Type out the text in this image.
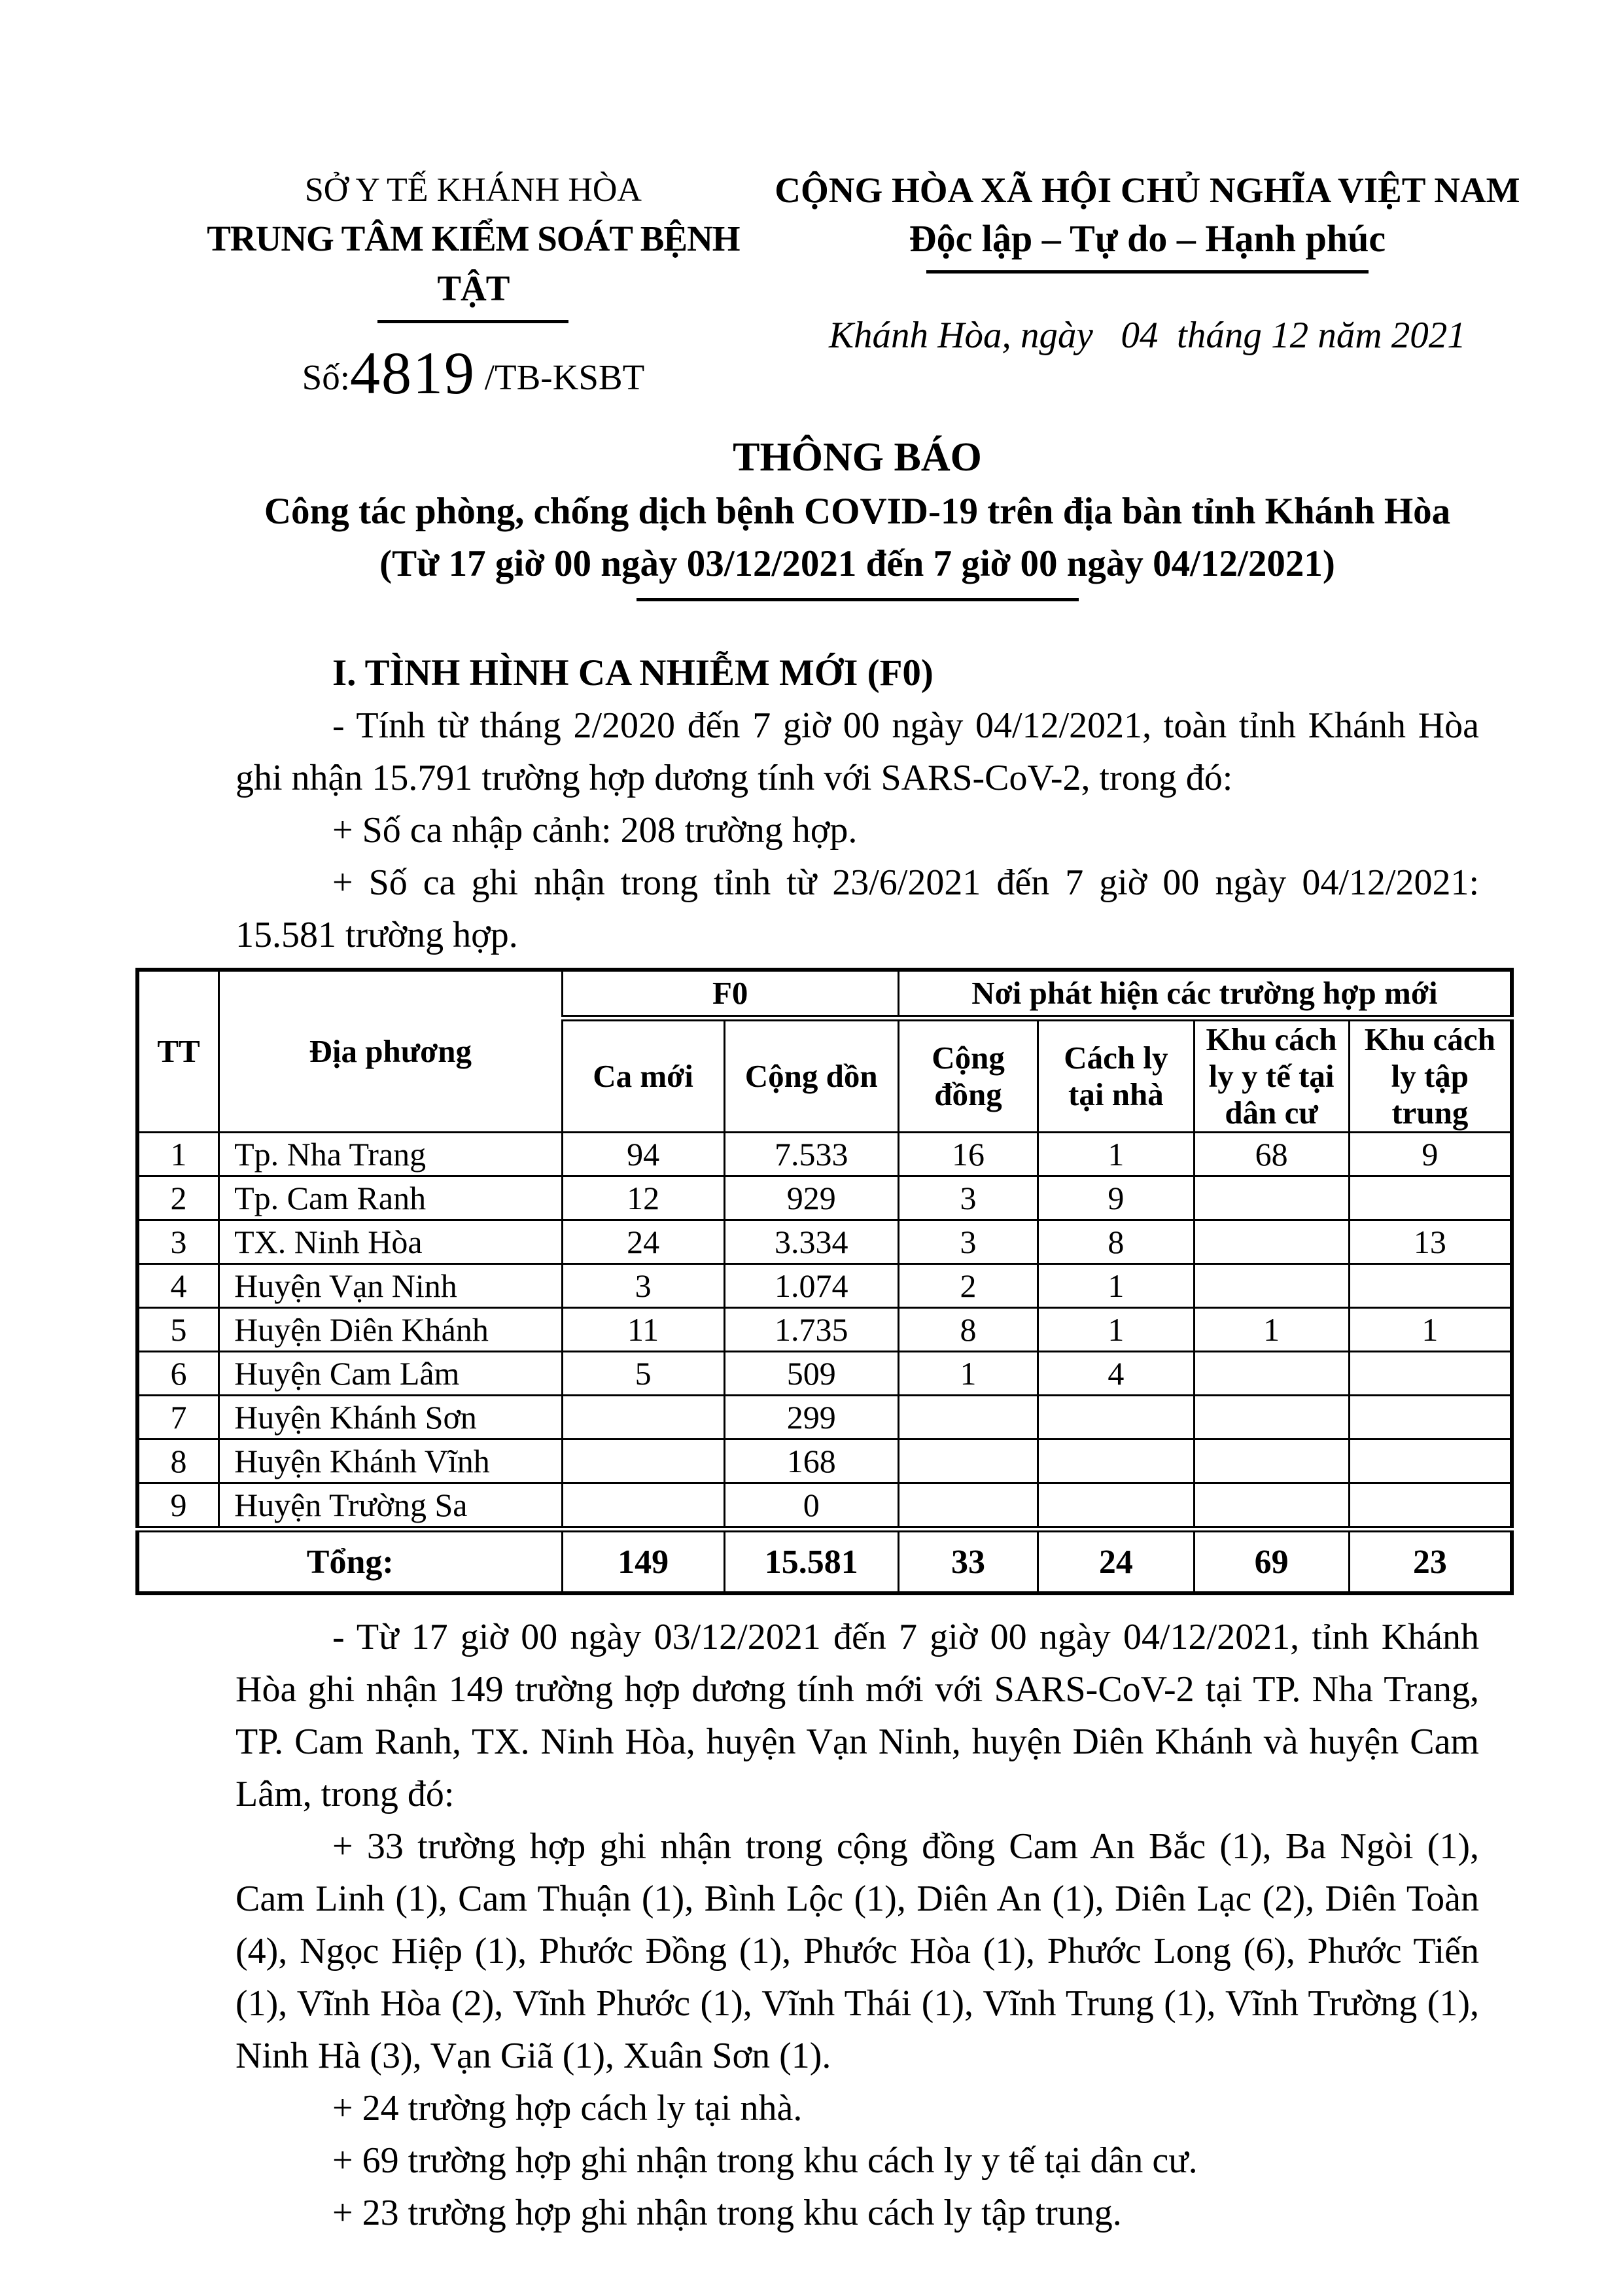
SỞ Y TẾ KHÁNH HÒA
TRUNG TÂM KIỂM SOÁT BỆNH TẬT
Số:4819 /TB-KSBT
CỘNG HÒA XÃ HỘI CHỦ NGHĨA VIỆT NAM
Độc lập – Tự do – Hạnh phúc
Khánh Hòa, ngày   04  tháng 12 năm 2021
THÔNG BÁO
Công tác phòng, chống dịch bệnh COVID-19 trên địa bàn tỉnh Khánh Hòa
(Từ 17 giờ 00 ngày 03/12/2021 đến 7 giờ 00 ngày 04/12/2021)
I. TÌNH HÌNH CA NHIỄM MỚI (F0)
- Tính từ tháng 2/2020 đến 7 giờ 00 ngày 04/12/2021, toàn tỉnh Khánh Hòa ghi nhận 15.791 trường hợp dương tính với SARS-CoV-2, trong đó:
+ Số ca nhập cảnh: 208 trường hợp.
+ Số ca ghi nhận trong tỉnh từ 23/6/2021 đến 7 giờ 00 ngày 04/12/2021: 15.581 trường hợp.
TT	Địa phương	F0		Nơi phát hiện các trường hợp mới			
		Ca mới	Cộng dồn	Cộng đồng	Cách ly tại nhà	Khu cách ly y tế tại dân cư	Khu cách ly tập trung
1	Tp. Nha Trang	94	7.533	16	1	68	9
2	Tp. Cam Ranh	12	929	3	9		
3	TX. Ninh Hòa	24	3.334	3	8		13
4	Huyện Vạn Ninh	3	1.074	2	1		
5	Huyện Diên Khánh	11	1.735	8	1	1	1
6	Huyện Cam Lâm	5	509	1	4		
7	Huyện Khánh Sơn		299				
8	Huyện Khánh Vĩnh		168				
9	Huyện Trường Sa		0				
Tổng:		149	15.581	33	24	69	23
- Từ 17 giờ 00 ngày 03/12/2021 đến 7 giờ 00 ngày 04/12/2021, tỉnh Khánh Hòa ghi nhận 149 trường hợp dương tính mới với SARS-CoV-2 tại TP. Nha Trang, TP. Cam Ranh, TX. Ninh Hòa, huyện Vạn Ninh, huyện Diên Khánh và huyện Cam Lâm, trong đó:
+ 33 trường hợp ghi nhận trong cộng đồng Cam An Bắc (1), Ba Ngòi (1), Cam Linh (1), Cam Thuận (1), Bình Lộc (1), Diên An (1), Diên Lạc (2), Diên Toàn (4), Ngọc Hiệp (1), Phước Đồng (1), Phước Hòa (1), Phước Long (6), Phước Tiến (1), Vĩnh Hòa (2), Vĩnh Phước (1), Vĩnh Thái (1), Vĩnh Trung (1), Vĩnh Trường (1), Ninh Hà (3), Vạn Giã (1), Xuân Sơn (1).
+ 24 trường hợp cách ly tại nhà.
+ 69 trường hợp ghi nhận trong khu cách ly y tế tại dân cư.
+ 23 trường hợp ghi nhận trong khu cách ly tập trung.
